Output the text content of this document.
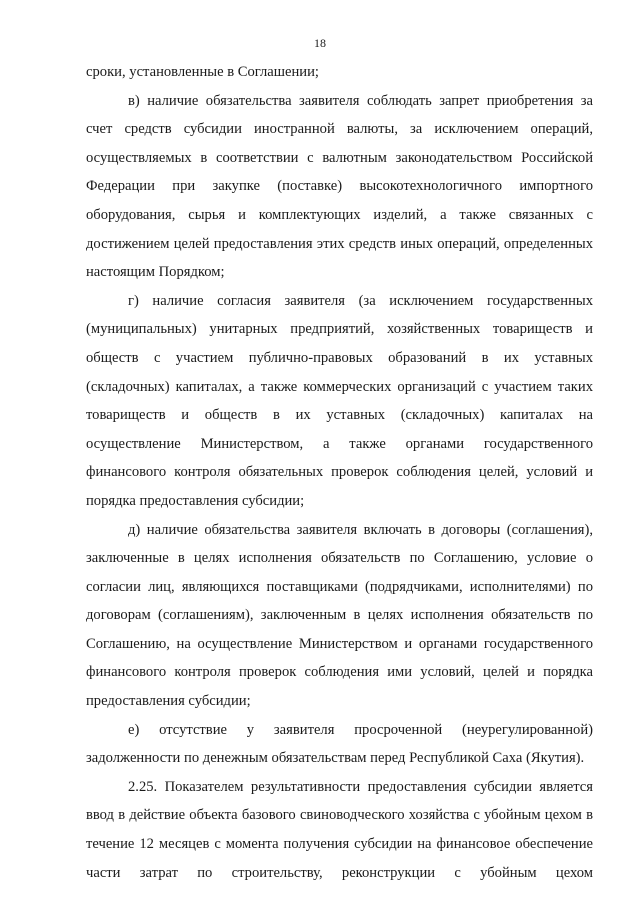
18

сроки, установленные в Соглашении;

в) наличие обязательства заявителя соблюдать запрет приобретения за счет средств субсидии иностранной валюты, за исключением операций, осуществляемых в соответствии с валютным законодательством Российской Федерации при закупке (поставке) высокотехнологичного импортного оборудования, сырья и комплектующих изделий, а также связанных с достижением целей предоставления этих средств иных операций, определенных настоящим Порядком;

г) наличие согласия заявителя (за исключением государственных (муниципальных) унитарных предприятий, хозяйственных товариществ и обществ с участием публично-правовых образований в их уставных (складочных) капиталах, а также коммерческих организаций с участием таких товариществ и обществ в их уставных (складочных) капиталах на осуществление Министерством, а также органами государственного финансового контроля обязательных проверок соблюдения целей, условий и порядка предоставления субсидии;

д) наличие обязательства заявителя включать в договоры (соглашения), заключенные в целях исполнения обязательств по Соглашению, условие о согласии лиц, являющихся поставщиками (подрядчиками, исполнителями) по договорам (соглашениям), заключенным в целях исполнения обязательств по Соглашению, на осуществление Министерством и органами государственного финансового контроля проверок соблюдения ими условий, целей и порядка предоставления субсидии;

е) отсутствие у заявителя просроченной (неурегулированной) задолженности по денежным обязательствам перед Республикой Саха (Якутия).

2.25. Показателем результативности предоставления субсидии является ввод в действие объекта базового свиноводческого хозяйства с убойным цехом в течение 12 месяцев с момента получения субсидии на финансовое обеспечение части затрат по строительству, реконструкции с убойным цехом
